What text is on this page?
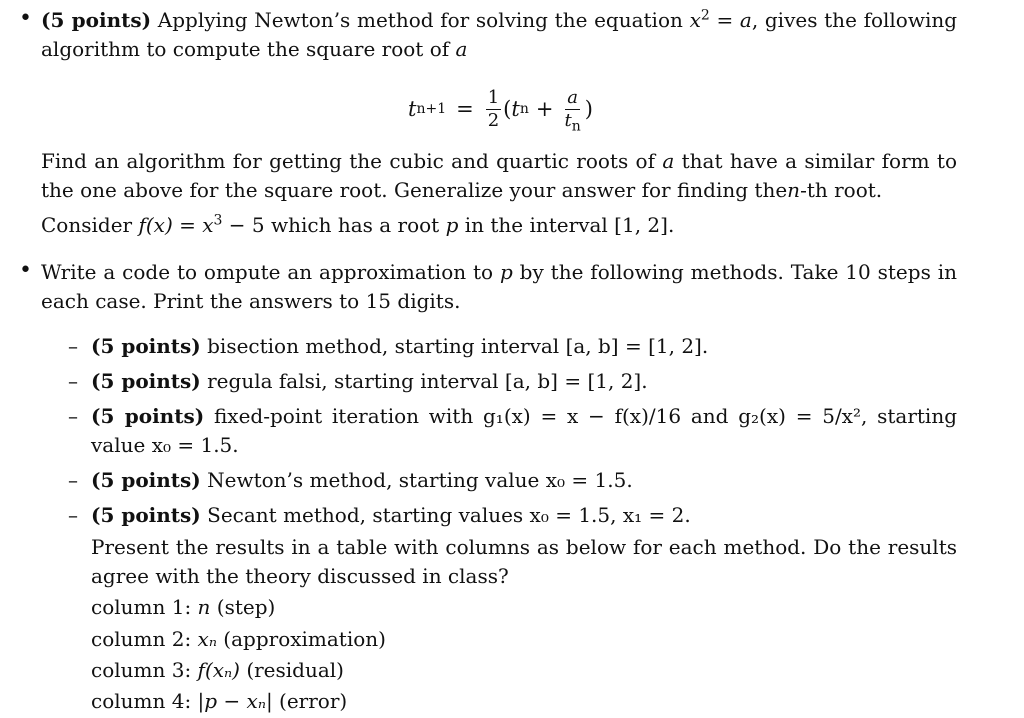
• (5 points) Applying Newton’s method for solving the equation $x^2 = a$, gives the following algorithm to compute the square root of a
t $n+1 = \frac{1}{2}$ ( t $n + \frac{a}{t_n}$ )
Find an algorithm for getting the cubic and quartic roots of a that have a similar form to the one above for the square root. Generalize your answer for finding then-th root.
Consider $f(x) = x^3 - 5$ which has a root p in the interval [1, 2].
• Write a code to ompute an approximation to p by the following methods. Take 10 steps in each case. Print the answers to 15 digits.
– (5 points) bisection method, starting interval [a, b] = [1, 2].
– (5 points) regula falsi, starting interval [a, b] = [1, 2].
– (5 points) fixed-point iteration with g₁(x) = x − f(x)/16 and g₂(x) = 5/x², starting value x₀ = 1.5.
– (5 points) Newton’s method, starting value x₀ = 1.5.
– (5 points) Secant method, starting values x₀ = 1.5, x₁ = 2.
Present the results in a table with columns as below for each method. Do the results agree with the theory discussed in class?
column 1: n (step)
column 2: xₙ (approximation)
column 3: f(xₙ) (residual)
column 4: |p − xₙ| (error)
